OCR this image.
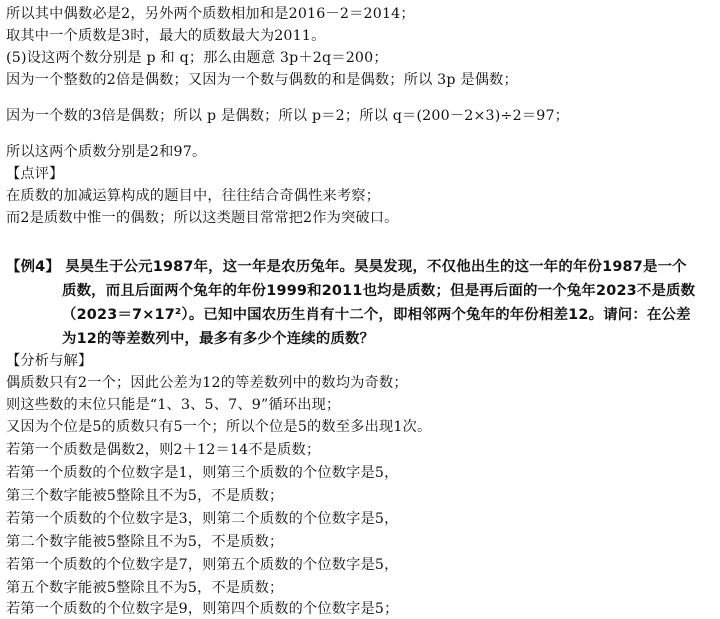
所以其中偶数必是2，另外两个质数相加和是2016－2＝2014；
取其中一个质数是3时，最大的质数最大为2011。
(5)设这两个数分别是 p 和 q；那么由题意 3p＋2q＝200；
因为一个整数的2倍是偶数；又因为一个数与偶数的和是偶数；所以 3p 是偶数；
因为一个数的3倍是偶数；所以 p 是偶数；所以 p＝2；所以 q＝(200－2×3)÷2＝97；
所以这两个质数分别是2和97。
【点评】
在质数的加减运算构成的题目中，往往结合奇偶性来考察；
而2是质数中惟一的偶数；所以这类题目常常把2作为突破口。
【例4】 昊昊生于公元1987年，这一年是农历兔年。昊昊发现，不仅他出生的这一年的年份1987是一个
质数，而且后面两个兔年的年份1999和2011也均是质数；但是再后面的一个兔年2023不是质数
（2023＝7×17²）。已知中国农历生肖有十二个，即相邻两个兔年的年份相差12。请问：在公差
为12的等差数列中，最多有多少个连续的质数？
【分析与解】
偶质数只有2一个；因此公差为12的等差数列中的数均为奇数；
则这些数的末位只能是“1、3、5、7、9”循环出现；
又因为个位是5的质数只有5一个；所以个位是5的数至多出现1次。
若第一个质数是偶数2，则2＋12＝14不是质数；
若第一个质数的个位数字是1，则第三个质数的个位数字是5，
第三个数字能被5整除且不为5，不是质数；
若第一个质数的个位数字是3，则第二个质数的个位数字是5，
第二个数字能被5整除且不为5，不是质数；
若第一个质数的个位数字是7，则第五个质数的个位数字是5，
第五个数字能被5整除且不为5，不是质数；
若第一个质数的个位数字是9，则第四个质数的个位数字是5；
